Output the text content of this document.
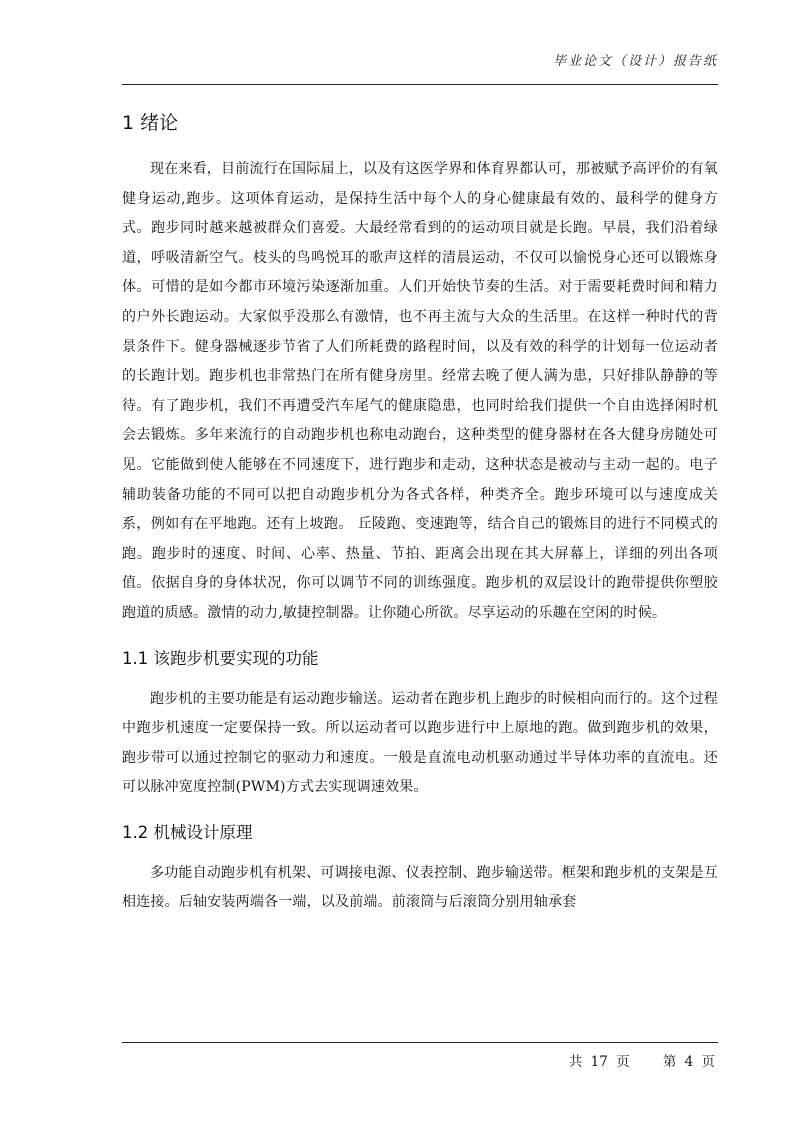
毕业论文（设计）报告纸
1 绪论

现在来看，目前流行在国际届上，以及有这医学界和体育界都认可，那被赋予高评价的有氧健身运动,跑步。这项体育运动，是保持生活中每个人的身心健康最有效的、最科学的健身方式。跑步同时越来越被群众们喜爱。大最经常看到的的运动项目就是长跑。早晨，我们沿着绿道，呼吸清新空气。枝头的鸟鸣悦耳的歌声这样的清晨运动，不仅可以愉悦身心还可以锻炼身体。可惜的是如今都市环境污染逐渐加重。人们开始快节奏的生活。对于需要耗费时间和精力的户外长跑运动。大家似乎没那么有激情，也不再主流与大众的生活里。在这样一种时代的背景条件下。健身器械逐步节省了人们所耗费的路程时间，以及有效的科学的计划每一位运动者的长跑计划。跑步机也非常热门在所有健身房里。经常去晚了便人满为患，只好排队静静的等待。有了跑步机，我们不再遭受汽车尾气的健康隐患，也同时给我们提供一个自由选择闲时机会去锻炼。多年来流行的自动跑步机也称电动跑台，这种类型的健身器材在各大健身房随处可见。它能做到使人能够在不同速度下，进行跑步和走动，这种状态是被动与主动一起的。电子辅助装备功能的不同可以把自动跑步机分为各式各样，种类齐全。跑步环境可以与速度成关系，例如有在平地跑。还有上坡跑。 丘陵跑、变速跑等，结合自己的锻炼目的进行不同模式的跑。跑步时的速度、时间、心率、热量、节拍、距离会出现在其大屏幕上，详细的列出各项值。依据自身的身体状况，你可以调节不同的训练强度。跑步机的双层设计的跑带提供你塑胶跑道的质感。激情的动力,敏捷控制器。让你随心所欲。尽享运动的乐趣在空闲的时候。

1.1 该跑步机要实现的功能

跑步机的主要功能是有运动跑步输送。运动者在跑步机上跑步的时候相向而行的。这个过程中跑步机速度一定要保持一致。所以运动者可以跑步进行中上原地的跑。做到跑步机的效果，跑步带可以通过控制它的驱动力和速度。一般是直流电动机驱动通过半导体功率的直流电。还可以脉冲宽度控制(PWM)方式去实现调速效果。

1.2 机械设计原理

多功能自动跑步机有机架、可调接电源、仪表控制、跑步输送带。框架和跑步机的支架是互相连接。后轴安装两端各一端，以及前端。前滚筒与后滚筒分别用轴承套

共 17 页 第 4 页
